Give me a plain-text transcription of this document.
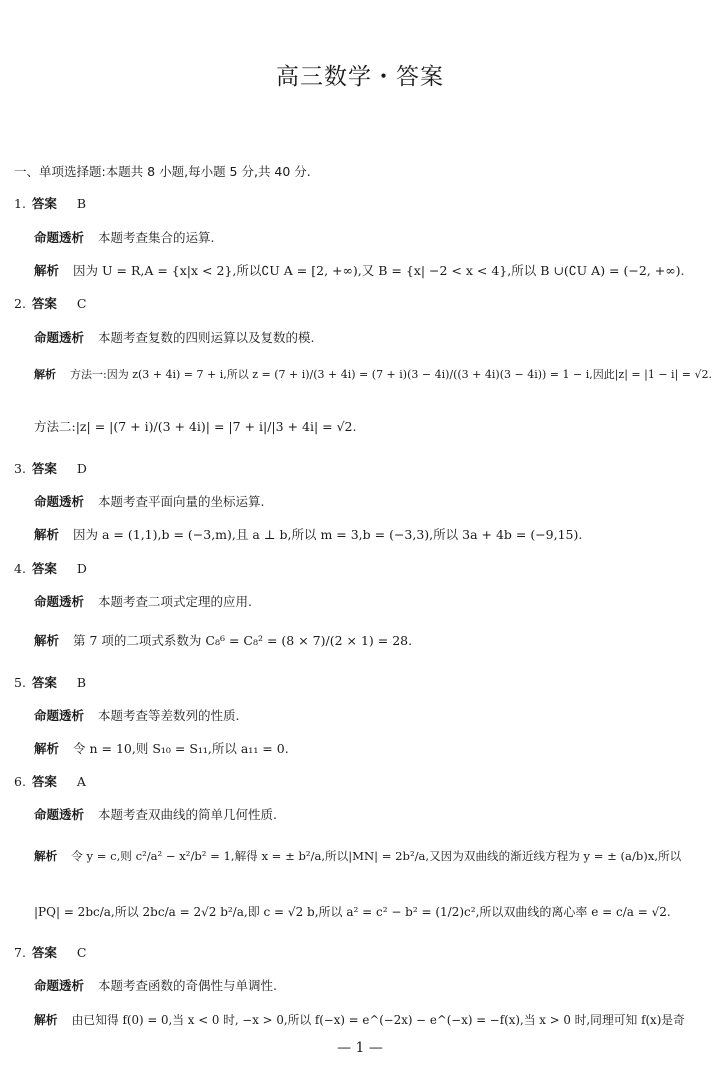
高三数学・答案
一、单项选择题:本题共 8 小题,每小题 5 分,共 40 分.
1. 答案 B
命题透析 本题考查集合的运算.
解析 因为 U = R,A = {x|x < 2},所以∁U A = [2, +∞),又 B = {x| −2 < x < 4},所以 B ∪(∁U A) = (−2, +∞).
2. 答案 C
命题透析 本题考查复数的四则运算以及复数的模.
解析 方法一:因为 z(3 + 4i) = 7 + i,所以 z = (7 + i)/(3 + 4i) = (7 + i)(3 − 4i)/((3 + 4i)(3 − 4i)) = 1 − i,因此|z| = |1 − i| = √2.
方法二:|z| = |(7 + i)/(3 + 4i)| = |7 + i|/|3 + 4i| = √2.
3. 答案 D
命题透析 本题考查平面向量的坐标运算.
解析 因为 a = (1,1),b = (−3,m),且 a ⊥ b,所以 m = 3,b = (−3,3),所以 3a + 4b = (−9,15).
4. 答案 D
命题透析 本题考查二项式定理的应用.
解析 第 7 项的二项式系数为 C₈⁶ = C₈² = (8 × 7)/(2 × 1) = 28.
5. 答案 B
命题透析 本题考查等差数列的性质.
解析 令 n = 10,则 S₁₀ = S₁₁,所以 a₁₁ = 0.
6. 答案 A
命题透析 本题考查双曲线的简单几何性质.
解析 令 y = c,则 c²/a² − x²/b² = 1,解得 x = ± b²/a,所以|MN| = 2b²/a,又因为双曲线的渐近线方程为 y = ± (a/b)x,所以
|PQ| = 2bc/a,所以 2bc/a = 2√2 b²/a,即 c = √2 b,所以 a² = c² − b² = (1/2)c²,所以双曲线的离心率 e = c/a = √2.
7. 答案 C
命题透析 本题考查函数的奇偶性与单调性.
解析 由已知得 f(0) = 0,当 x < 0 时, −x > 0,所以 f(−x) = e^(−2x) − e^(−x) = −f(x),当 x > 0 时,同理可知 f(x)是奇
— 1 —
